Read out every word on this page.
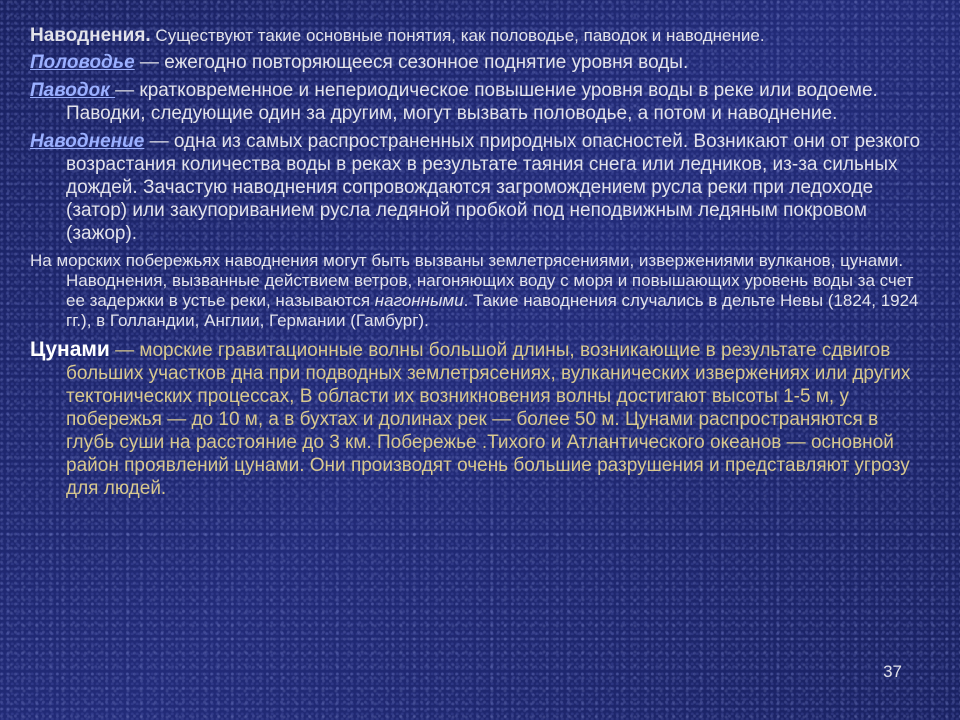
Наводнения. Существуют такие основные понятия, как половодье, паводок и наводнение.

Половодье — ежегодно повторяющееся сезонное поднятие уровня воды.

Паводок — кратковременное и непериодическое повышение уровня воды в реке или водоеме. Паводки, следующие один за другим, могут вызвать половодье, а потом и наводнение.

Наводнение — одна из самых распространенных природных опасностей. Возникают они от резкого возрастания количества воды в реках в результате таяния снега или ледников, из-за сильных дождей. Зачастую наводнения сопровождаются загромождением русла реки при ледоходе (затор) или закупориванием русла ледяной пробкой под неподвижным ледяным покровом (зажор).

На морских побережьях наводнения могут быть вызваны землетрясениями, извержениями вулканов, цунами. Наводнения, вызванные действием ветров, нагоняющих воду с моря и повышающих уровень воды за счет ее задержки в устье реки, называются нагонными. Такие наводнения случались в дельте Невы (1824, 1924 гг.), в Голландии, Англии, Германии (Гамбург).

Цунами — морские гравитационные волны большой длины, возникающие в результате сдвигов больших участков дна при подводных землетрясениях, вулканических извержениях или других тектонических процессах, В области их возникновения волны достигают высоты 1-5 м, у побережья — до 10 м, а в бухтах и долинах рек — более 50 м. Цунами распространяются в глубь суши на расстояние до 3 км. Побережье .Тихого и Атлантического океанов — основной район проявлений цунами. Они производят очень большие разрушения и представляют угрозу для людей.

37
